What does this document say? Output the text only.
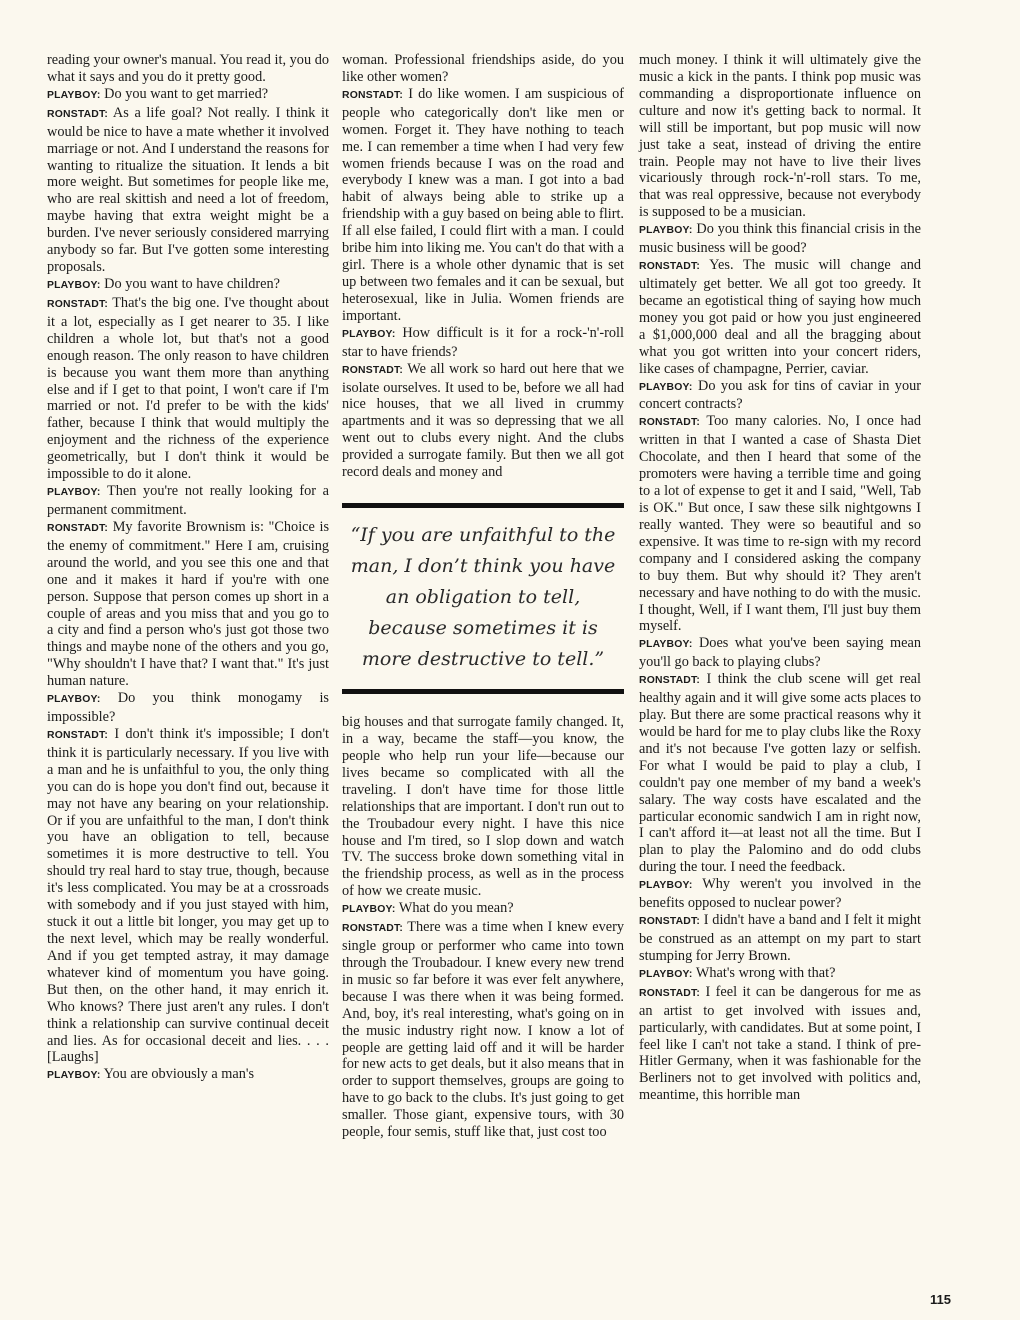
reading your owner's manual. You read it, you do what it says and you do it pretty good.

PLAYBOY: Do you want to get married?

RONSTADT: As a life goal? Not really. I think it would be nice to have a mate whether it involved marriage or not. And I understand the reasons for wanting to ritualize the situation. It lends a bit more weight. But sometimes for people like me, who are real skittish and need a lot of freedom, maybe having that extra weight might be a burden. I've never seriously considered marrying anybody so far. But I've gotten some interesting proposals.

PLAYBOY: Do you want to have children?

RONSTADT: That's the big one. I've thought about it a lot, especially as I get nearer to 35. I like children a whole lot, but that's not a good enough reason. The only reason to have children is because you want them more than anything else and if I get to that point, I won't care if I'm married or not. I'd prefer to be with the kids' father, because I think that would multiply the enjoyment and the richness of the experience geometrically, but I don't think it would be impossible to do it alone.

PLAYBOY: Then you're not really looking for a permanent commitment.

RONSTADT: My favorite Brownism is: "Choice is the enemy of commitment." Here I am, cruising around the world, and you see this one and that one and it makes it hard if you're with one person. Suppose that person comes up short in a couple of areas and you miss that and you go to a city and find a person who's just got those two things and maybe none of the others and you go, "Why shouldn't I have that? I want that." It's just human nature.

PLAYBOY: Do you think monogamy is impossible?

RONSTADT: I don't think it's impossible; I don't think it is particularly necessary. If you live with a man and he is unfaithful to you, the only thing you can do is hope you don't find out, because it may not have any bearing on your relationship. Or if you are unfaithful to the man, I don't think you have an obligation to tell, because sometimes it is more destructive to tell. You should try real hard to stay true, though, because it's less complicated. You may be at a crossroads with somebody and if you just stayed with him, stuck it out a little bit longer, you may get up to the next level, which may be really wonderful. And if you get tempted astray, it may damage whatever kind of momentum you have going. But then, on the other hand, it may enrich it. Who knows? There just aren't any rules. I don't think a relationship can survive continual deceit and lies. As for occasional deceit and lies. . . . [Laughs]

PLAYBOY: You are obviously a man's

woman. Professional friendships aside, do you like other women?

RONSTADT: I do like women. I am suspicious of people who categorically don't like men or women. Forget it. They have nothing to teach me. I can remember a time when I had very few women friends because I was on the road and everybody I knew was a man. I got into a bad habit of always being able to strike up a friendship with a guy based on being able to flirt. If all else failed, I could flirt with a man. I could bribe him into liking me. You can't do that with a girl. There is a whole other dynamic that is set up between two females and it can be sexual, but heterosexual, like in Julia. Women friends are important.

PLAYBOY: How difficult is it for a rock-'n'-roll star to have friends?

RONSTADT: We all work so hard out here that we isolate ourselves. It used to be, before we all had nice houses, that we all lived in crummy apartments and it was so depressing that we all went out to clubs every night. And the clubs provided a surrogate family. But then we all got record deals and money and

“If you are unfaithful to the man, I don’t think you have an obligation to tell, because sometimes it is more destructive to tell.”

big houses and that surrogate family changed. It, in a way, became the staff—you know, the people who help run your life—because our lives became so complicated with all the traveling. I don't have time for those little relationships that are important. I don't run out to the Troubadour every night. I have this nice house and I'm tired, so I slop down and watch TV. The success broke down something vital in the friendship process, as well as in the process of how we create music.

PLAYBOY: What do you mean?

RONSTADT: There was a time when I knew every single group or performer who came into town through the Troubadour. I knew every new trend in music so far before it was ever felt anywhere, because I was there when it was being formed. And, boy, it's real interesting, what's going on in the music industry right now. I know a lot of people are getting laid off and it will be harder for new acts to get deals, but it also means that in order to support themselves, groups are going to have to go back to the clubs. It's just going to get smaller. Those giant, expensive tours, with 30 people, four semis, stuff like that, just cost too

much money. I think it will ultimately give the music a kick in the pants. I think pop music was commanding a disproportionate influence on culture and now it's getting back to normal. It will still be important, but pop music will now just take a seat, instead of driving the entire train. People may not have to live their lives vicariously through rock-'n'-roll stars. To me, that was real oppressive, because not everybody is supposed to be a musician.

PLAYBOY: Do you think this financial crisis in the music business will be good?

RONSTADT: Yes. The music will change and ultimately get better. We all got too greedy. It became an egotistical thing of saying how much money you got paid or how you just engineered a $1,000,000 deal and all the bragging about what you got written into your concert riders, like cases of champagne, Perrier, caviar.

PLAYBOY: Do you ask for tins of caviar in your concert contracts?

RONSTADT: Too many calories. No, I once had written in that I wanted a case of Shasta Diet Chocolate, and then I heard that some of the promoters were having a terrible time and going to a lot of expense to get it and I said, "Well, Tab is OK." But once, I saw these silk nightgowns I really wanted. They were so beautiful and so expensive. It was time to re-sign with my record company and I considered asking the company to buy them. But why should it? They aren't necessary and have nothing to do with the music. I thought, Well, if I want them, I'll just buy them myself.

PLAYBOY: Does what you've been saying mean you'll go back to playing clubs?

RONSTADT: I think the club scene will get real healthy again and it will give some acts places to play. But there are some practical reasons why it would be hard for me to play clubs like the Roxy and it's not because I've gotten lazy or selfish. For what I would be paid to play a club, I couldn't pay one member of my band a week's salary. The way costs have escalated and the particular economic sandwich I am in right now, I can't afford it—at least not all the time. But I plan to play the Palomino and do odd clubs during the tour. I need the feedback.

PLAYBOY: Why weren't you involved in the benefits opposed to nuclear power?

RONSTADT: I didn't have a band and I felt it might be construed as an attempt on my part to start stumping for Jerry Brown.

PLAYBOY: What's wrong with that?

RONSTADT: I feel it can be dangerous for me as an artist to get involved with issues and, particularly, with candidates. But at some point, I feel like I can't not take a stand. I think of pre-Hitler Germany, when it was fashionable for the Berliners not to get involved with politics and, meantime, this horrible man

115
